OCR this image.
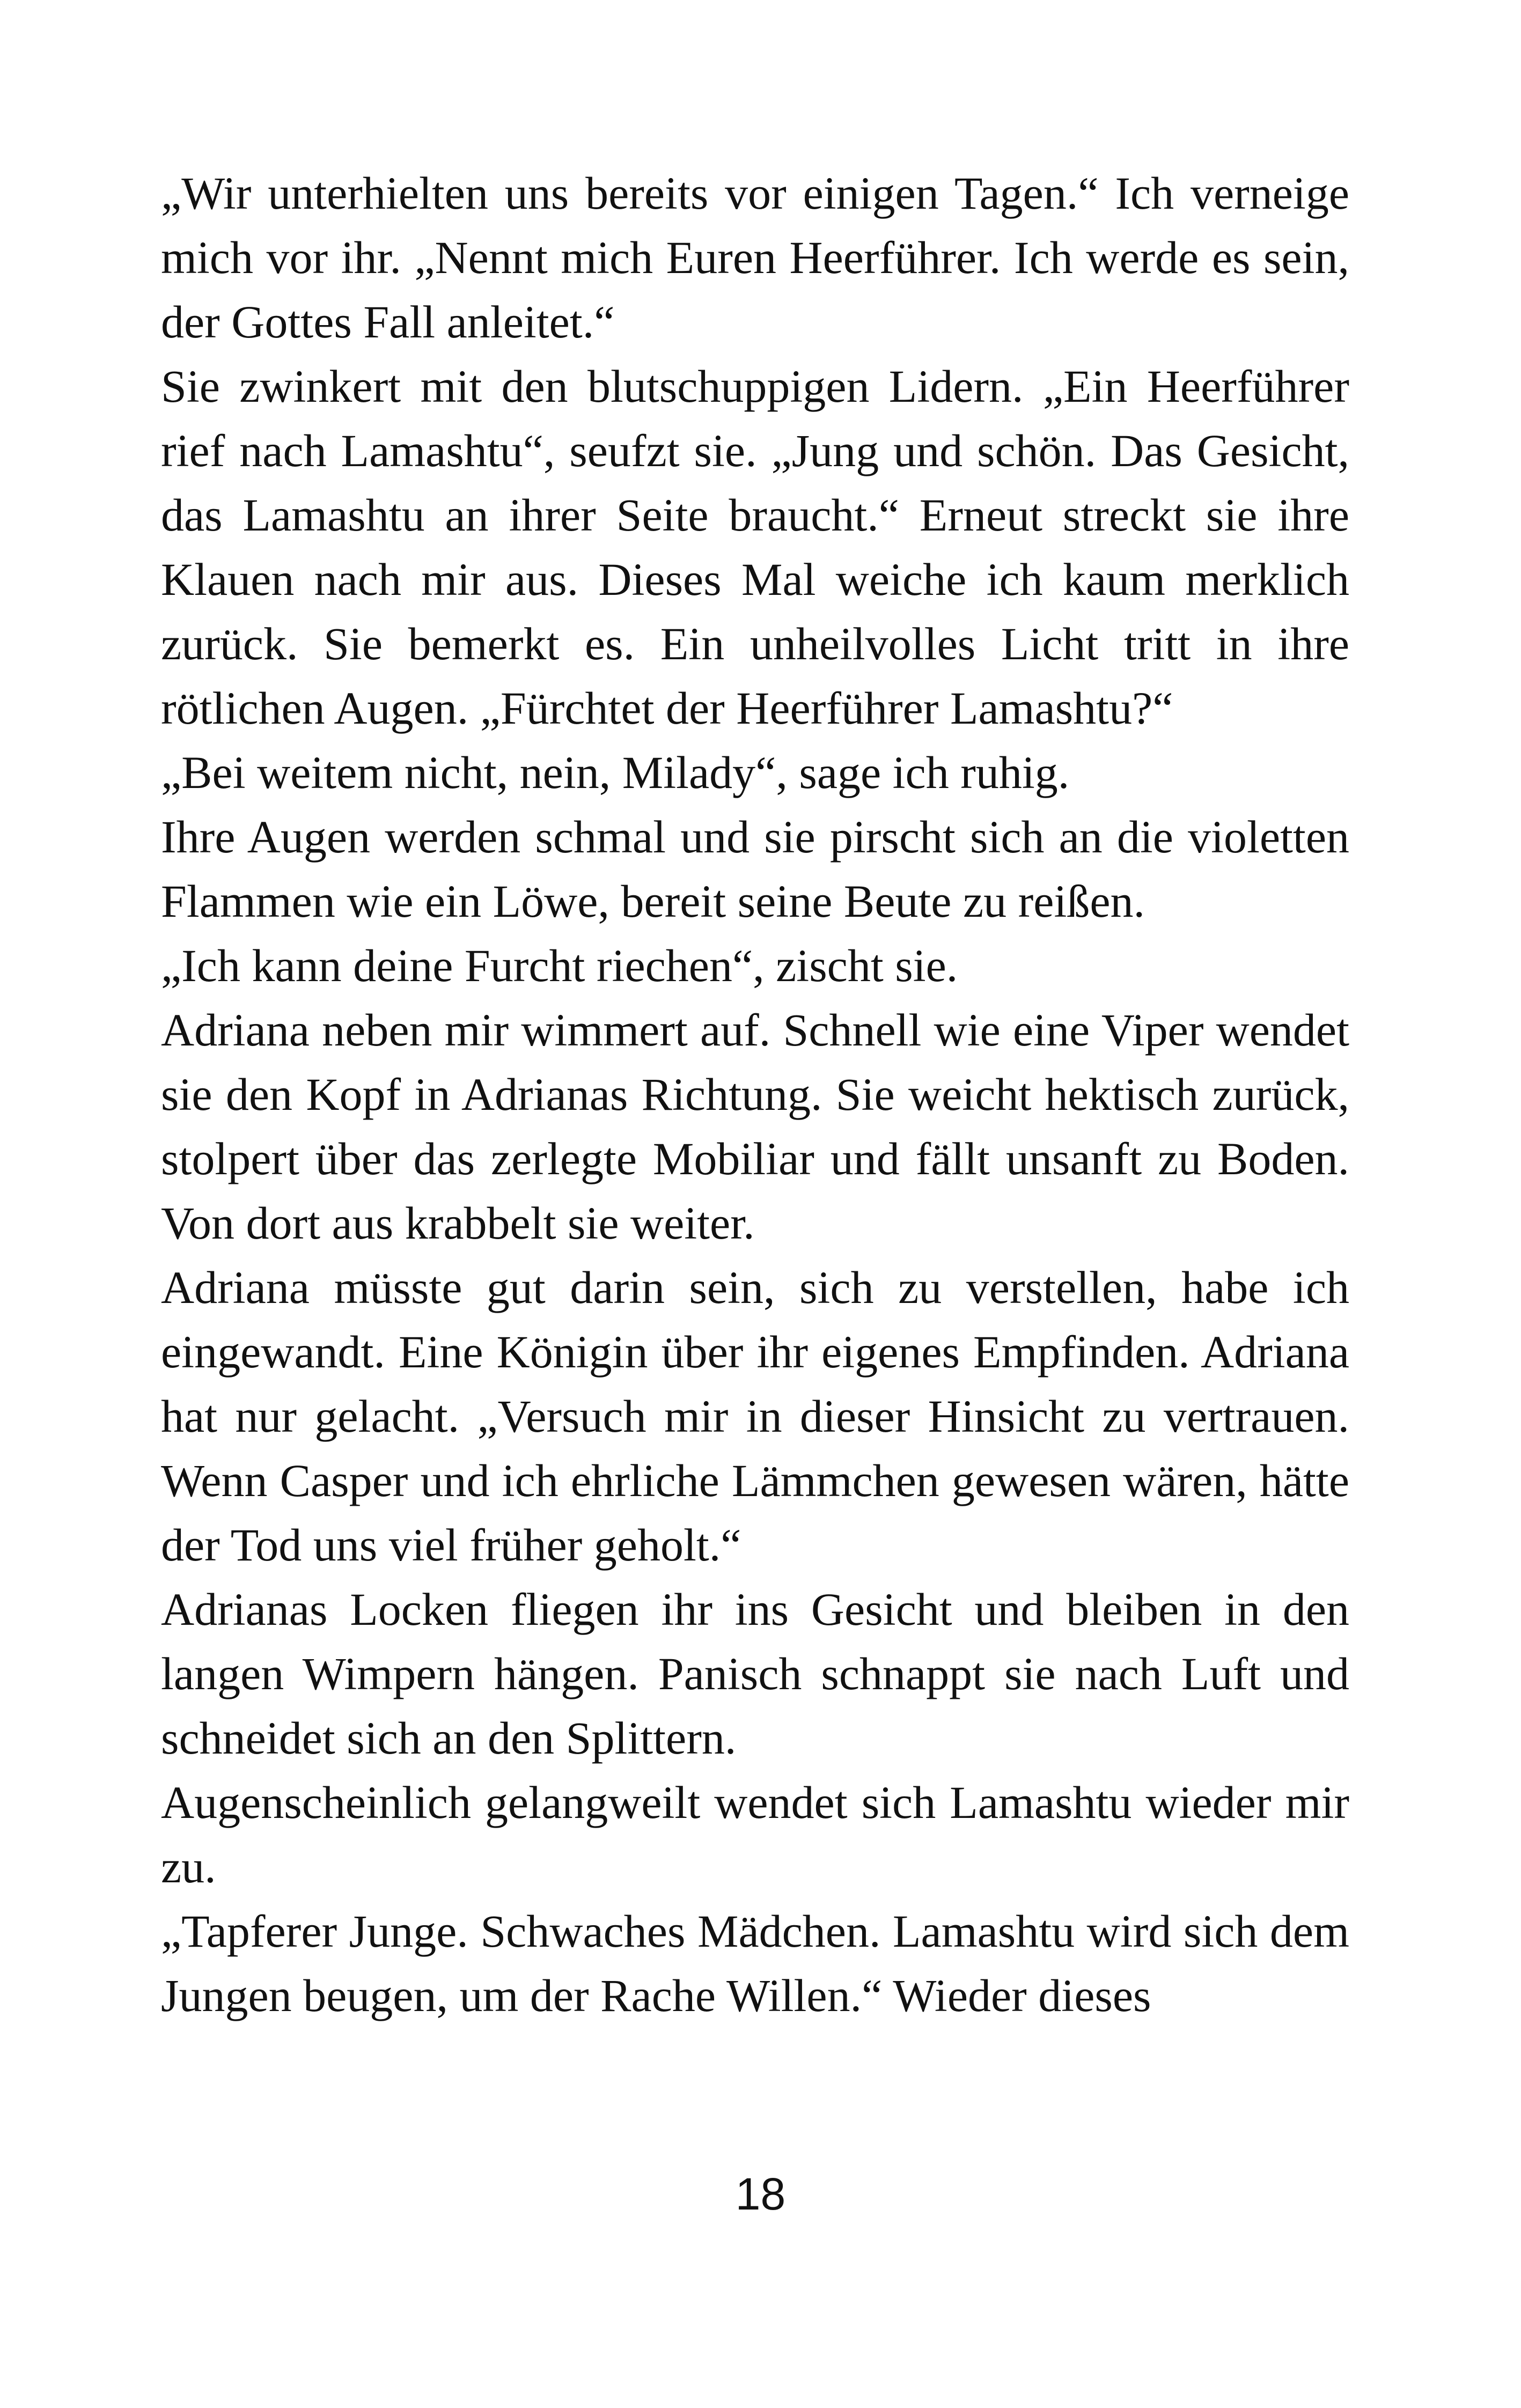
„Wir unterhielten uns bereits vor einigen Tagen.“ Ich verneige mich vor ihr. „Nennt mich Euren Heerführer. Ich werde es sein, der Gottes Fall anleitet.“

Sie zwinkert mit den blutschuppigen Lidern. „Ein Heerführer rief nach Lamashtu“, seufzt sie. „Jung und schön. Das Gesicht, das Lamashtu an ihrer Seite braucht.“ Erneut streckt sie ihre Klauen nach mir aus. Dieses Mal weiche ich kaum merklich zurück. Sie bemerkt es. Ein unheilvolles Licht tritt in ihre rötlichen Augen. „Fürchtet der Heerführer Lamashtu?“

„Bei weitem nicht, nein, Milady“, sage ich ruhig.

Ihre Augen werden schmal und sie pirscht sich an die violetten Flammen wie ein Löwe, bereit seine Beute zu reißen.

„Ich kann deine Furcht riechen“, zischt sie.

Adriana neben mir wimmert auf. Schnell wie eine Viper wendet sie den Kopf in Adrianas Richtung. Sie weicht hektisch zurück, stolpert über das zerlegte Mobiliar und fällt unsanft zu Boden. Von dort aus krabbelt sie weiter.

Adriana müsste gut darin sein, sich zu verstellen, habe ich eingewandt. Eine Königin über ihr eigenes Empfinden. Adriana hat nur gelacht. „Versuch mir in dieser Hinsicht zu vertrauen. Wenn Casper und ich ehrliche Lämmchen gewesen wären, hätte der Tod uns viel früher geholt.“

Adrianas Locken fliegen ihr ins Gesicht und bleiben in den langen Wimpern hängen. Panisch schnappt sie nach Luft und schneidet sich an den Splittern.

Augenscheinlich gelangweilt wendet sich Lamashtu wieder mir zu.

„Tapferer Junge. Schwaches Mädchen. Lamashtu wird sich dem Jungen beugen, um der Rache Willen.“ Wieder dieses

18
